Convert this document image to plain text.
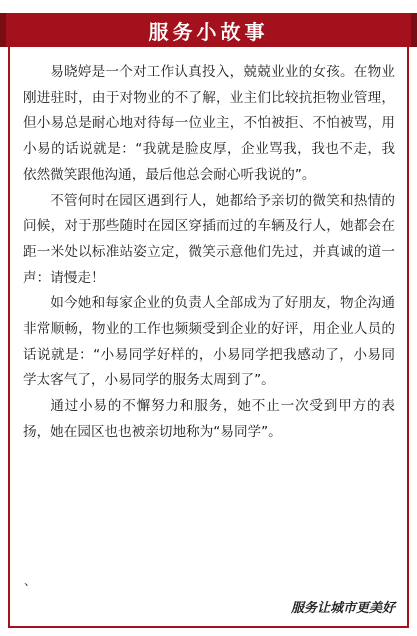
服务小故事

易晓婷是一个对工作认真投入，兢兢业业的女孩。在物业刚进驻时，由于对物业的不了解，业主们比较抗拒物业管理，但小易总是耐心地对待每一位业主，不怕被拒、不怕被骂，用小易的话说就是：“我就是脸皮厚，企业骂我，我也不走，我依然微笑跟他沟通，最后他总会耐心听我说的”。

不管何时在园区遇到行人，她都给予亲切的微笑和热情的问候，对于那些随时在园区穿插而过的车辆及行人，她都会在距一米处以标准站姿立定，微笑示意他们先过，并真诚的道一声：请慢走！

如今她和每家企业的负责人全部成为了好朋友，物企沟通非常顺畅，物业的工作也频频受到企业的好评，用企业人员的话说就是：“小易同学好样的，小易同学把我感动了，小易同学太客气了，小易同学的服务太周到了”。

通过小易的不懈努力和服务，她不止一次受到甲方的表扬，她在园区也也被亲切地称为“易同学”。

、
服务让城市更美好
